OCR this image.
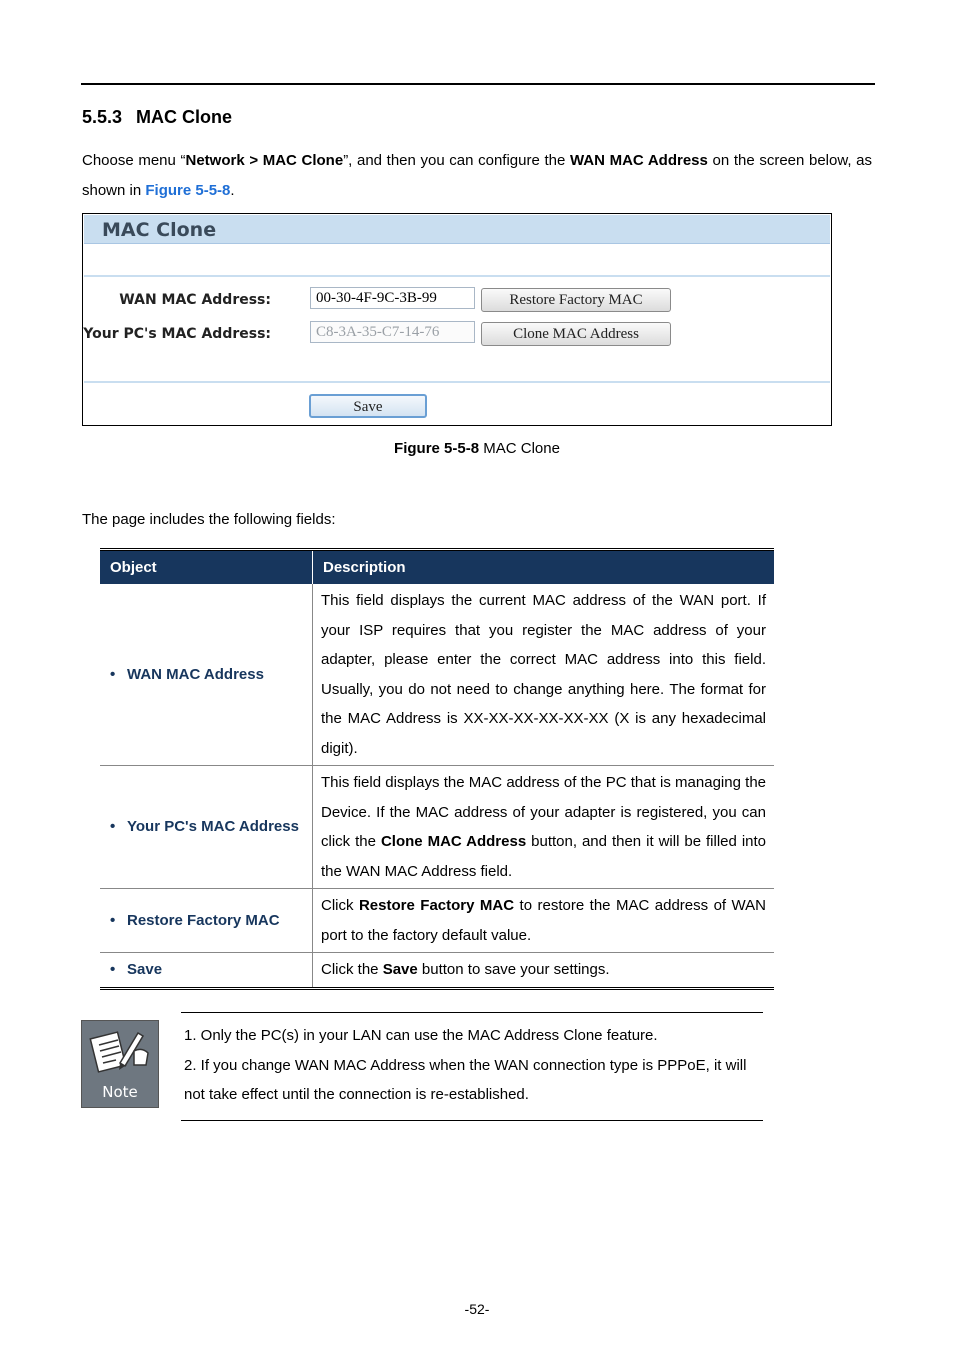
5.5.3 MAC Clone
Choose menu “Network > MAC Clone”, and then you can configure the WAN MAC Address on the screen below, as shown in Figure 5-5-8.
MAC Clone
WAN MAC Address:	00-30-4F-9C-3B-99	Restore Factory MAC
Your PC's MAC Address:	C8-3A-35-C7-14-76	Clone MAC Address
Save
Figure 5-5-8 MAC Clone
The page includes the following fields:
Object	Description

• WAN MAC Address	This field displays the current MAC address of the WAN port. If your ISP requires that you register the MAC address of your adapter, please enter the correct MAC address into this field. Usually, you do not need to change anything here. The format for the MAC Address is XX-XX-XX-XX-XX-XX (X is any hexadecimal digit).

• Your PC's MAC Address	This field displays the MAC address of the PC that is managing the Device. If the MAC address of your adapter is registered, you can click the Clone MAC Address button, and then it will be filled into the WAN MAC Address field.

• Restore Factory MAC	Click Restore Factory MAC to restore the MAC address of WAN port to the factory default value.

• Save	Click the Save button to save your settings.
Note
1. Only the PC(s) in your LAN can use the MAC Address Clone feature.
2. If you change WAN MAC Address when the WAN connection type is PPPoE, it will not take effect until the connection is re-established.
-52-
